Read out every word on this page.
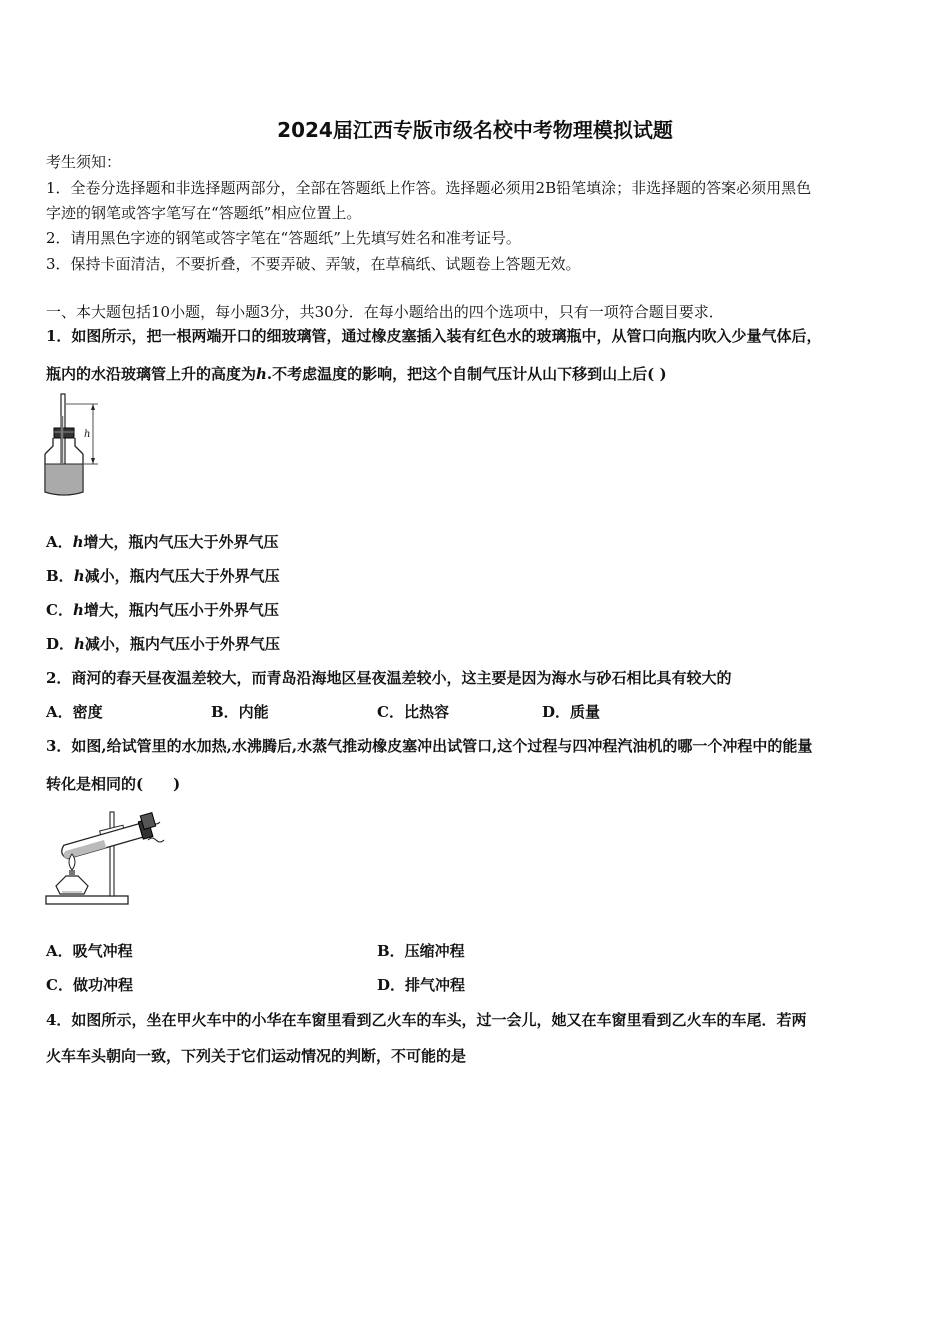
2024届江西专版市级名校中考物理模拟试题
考生须知：
1．全卷分选择题和非选择题两部分，全部在答题纸上作答。选择题必须用2B铅笔填涂；非选择题的答案必须用黑色
字迹的钢笔或答字笔写在“答题纸”相应位置上。
2．请用黑色字迹的钢笔或答字笔在“答题纸”上先填写姓名和准考证号。
3．保持卡面清洁，不要折叠，不要弄破、弄皱，在草稿纸、试题卷上答题无效。
一、本大题包括10小题，每小题3分，共30分．在每小题给出的四个选项中，只有一项符合题目要求．
1．如图所示，把一根两端开口的细玻璃管，通过橡皮塞插入装有红色水的玻璃瓶中，从管口向瓶内吹入少量气体后，
瓶内的水沿玻璃管上升的高度为h.不考虑温度的影响，把这个自制气压计从山下移到山上后( )
h
A．h增大，瓶内气压大于外界气压
B．h减小，瓶内气压大于外界气压
C．h增大，瓶内气压小于外界气压
D．h减小，瓶内气压小于外界气压
2．商河的春天昼夜温差较大，而青岛沿海地区昼夜温差较小，这主要是因为海水与砂石相比具有较大的
A．密度	B．内能	C．比热容	D．质量
3．如图,给试管里的水加热,水沸腾后,水蒸气推动橡皮塞冲出试管口,这个过程与四冲程汽油机的哪一个冲程中的能量
转化是相同的(　　)
A．吸气冲程	B．压缩冲程
C．做功冲程	D．排气冲程
4．如图所示，坐在甲火车中的小华在车窗里看到乙火车的车头，过一会儿，她又在车窗里看到乙火车的车尾．若两
火车车头朝向一致，下列关于它们运动情况的判断，不可能的是
